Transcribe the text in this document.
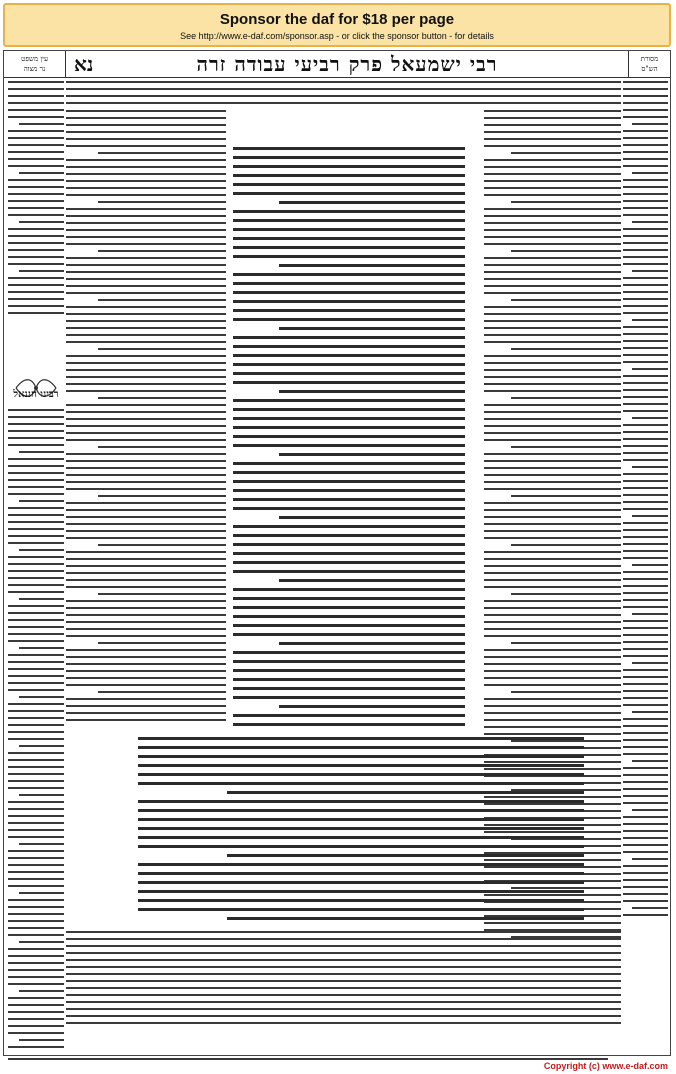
Sponsor the daf for $18 per page
See http://www.e-daf.com/sponsor.asp - or click the sponsor button - for details
עין משפט
נר מצוה	נא	רבי ישמעאל פרק רביעי עבודה זרה	מסורת
הש"ס
רבינו חננאל
Copyright (c) www.e-daf.com
